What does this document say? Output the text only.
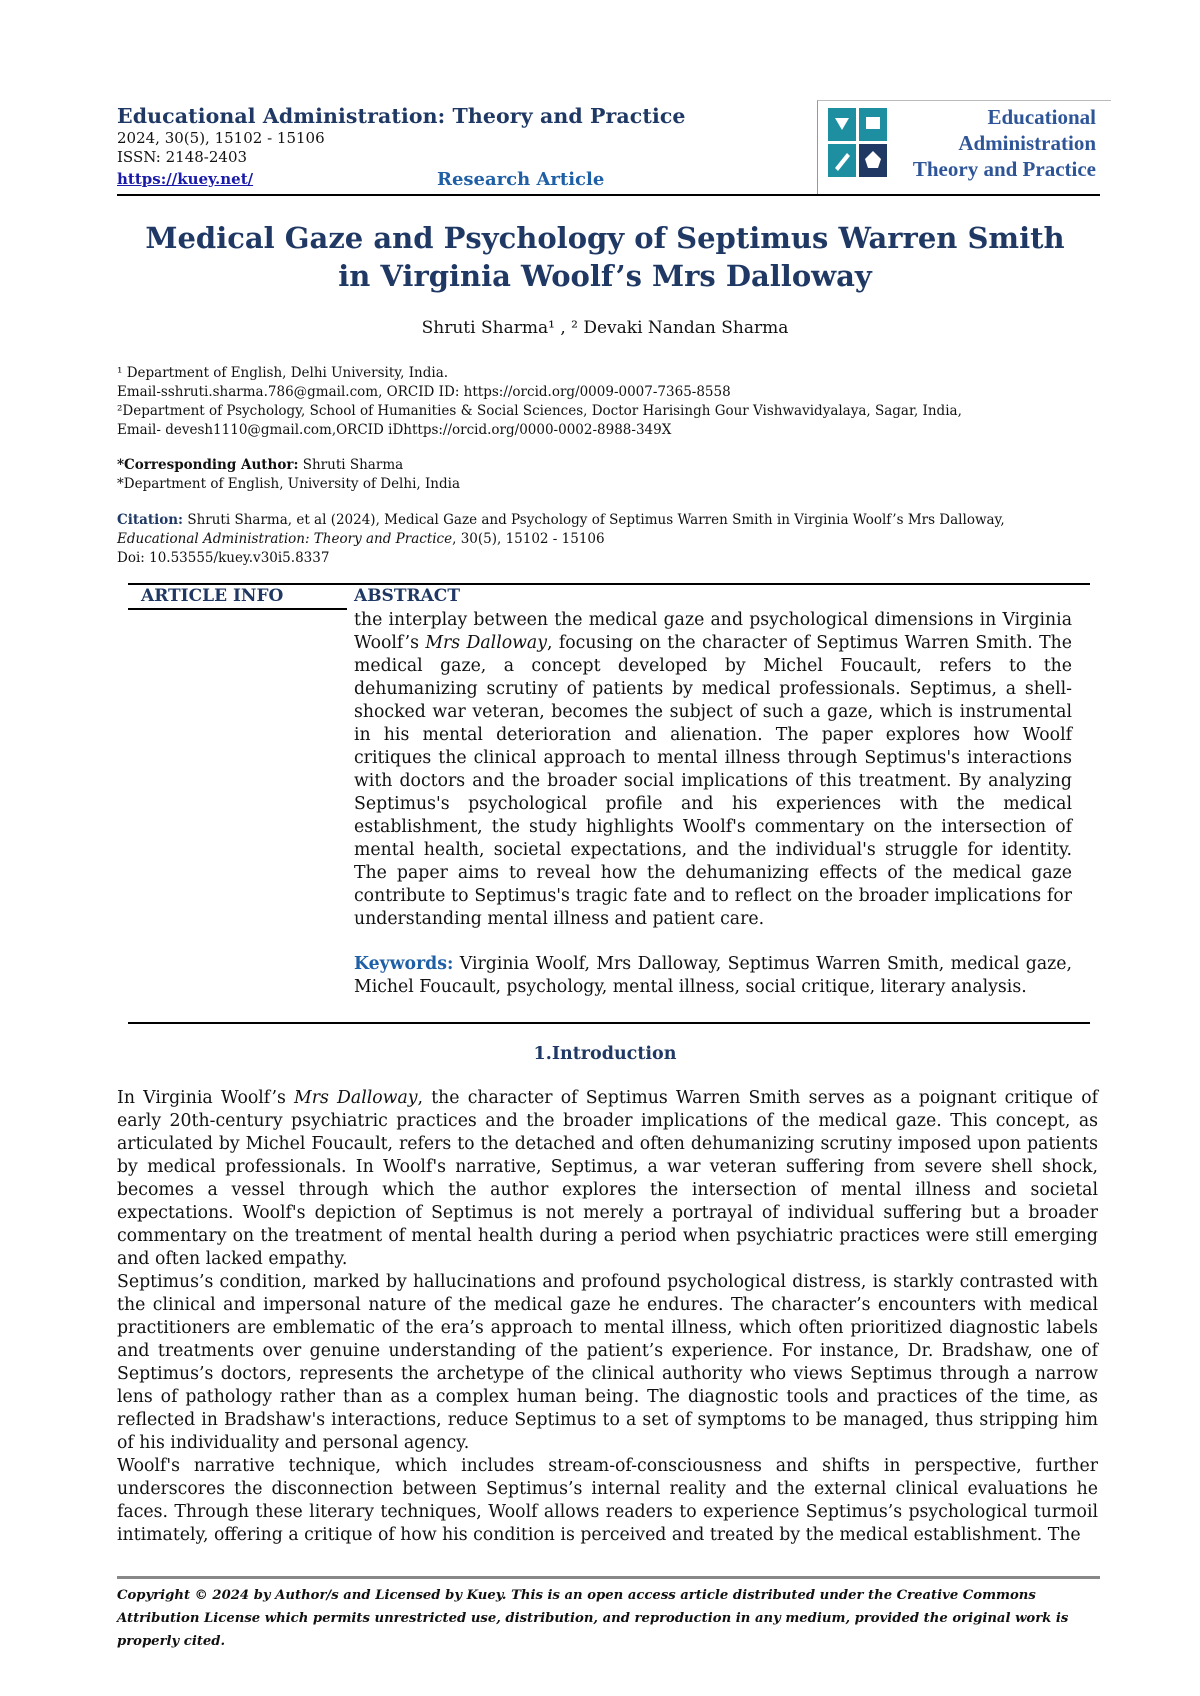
Educational Administration: Theory and Practice
2024, 30(5), 15102 - 15106
ISSN: 2148-2403
https://kuey.net/	Research Article
Educational
Administration
Theory and Practice
Medical Gaze and Psychology of Septimus Warren Smith
in Virginia Woolf’s Mrs Dalloway
Shruti Sharma¹ , ² Devaki Nandan Sharma
¹ Department of English, Delhi University, India.
Email-sshruti.sharma.786@gmail.com, ORCID ID: https://orcid.org/0009-0007-7365-8558
²Department of Psychology, School of Humanities & Social Sciences, Doctor Harisingh Gour Vishwavidyalaya, Sagar, India,
Email- devesh1110@gmail.com,ORCID iDhttps://orcid.org/0000-0002-8988-349X
*Corresponding Author: Shruti Sharma
*Department of English, University of Delhi, India
Citation: Shruti Sharma, et al (2024), Medical Gaze and Psychology of Septimus Warren Smith in Virginia Woolf’s Mrs Dalloway,
Educational Administration: Theory and Practice, 30(5), 15102 - 15106
Doi: 10.53555/kuey.v30i5.8337
ARTICLE INFO	ABSTRACT
the interplay between the medical gaze and psychological dimensions in Virginia Woolf’s Mrs Dalloway, focusing on the character of Septimus Warren Smith. The medical gaze, a concept developed by Michel Foucault, refers to the dehumanizing scrutiny of patients by medical professionals. Septimus, a shell-shocked war veteran, becomes the subject of such a gaze, which is instrumental in his mental deterioration and alienation. The paper explores how Woolf critiques the clinical approach to mental illness through Septimus's interactions with doctors and the broader social implications of this treatment. By analyzing Septimus's psychological profile and his experiences with the medical establishment, the study highlights Woolf's commentary on the intersection of mental health, societal expectations, and the individual's struggle for identity. The paper aims to reveal how the dehumanizing effects of the medical gaze contribute to Septimus's tragic fate and to reflect on the broader implications for understanding mental illness and patient care.
Keywords: Virginia Woolf, Mrs Dalloway, Septimus Warren Smith, medical gaze, Michel Foucault, psychology, mental illness, social critique, literary analysis.
1.Introduction

In Virginia Woolf’s Mrs Dalloway, the character of Septimus Warren Smith serves as a poignant critique of early 20th-century psychiatric practices and the broader implications of the medical gaze. This concept, as articulated by Michel Foucault, refers to the detached and often dehumanizing scrutiny imposed upon patients by medical professionals. In Woolf's narrative, Septimus, a war veteran suffering from severe shell shock, becomes a vessel through which the author explores the intersection of mental illness and societal expectations. Woolf's depiction of Septimus is not merely a portrayal of individual suffering but a broader commentary on the treatment of mental health during a period when psychiatric practices were still emerging and often lacked empathy.

Septimus’s condition, marked by hallucinations and profound psychological distress, is starkly contrasted with the clinical and impersonal nature of the medical gaze he endures. The character’s encounters with medical practitioners are emblematic of the era’s approach to mental illness, which often prioritized diagnostic labels and treatments over genuine understanding of the patient’s experience. For instance, Dr. Bradshaw, one of Septimus’s doctors, represents the archetype of the clinical authority who views Septimus through a narrow lens of pathology rather than as a complex human being. The diagnostic tools and practices of the time, as reflected in Bradshaw's interactions, reduce Septimus to a set of symptoms to be managed, thus stripping him of his individuality and personal agency.

Woolf's narrative technique, which includes stream-of-consciousness and shifts in perspective, further underscores the disconnection between Septimus’s internal reality and the external clinical evaluations he faces. Through these literary techniques, Woolf allows readers to experience Septimus’s psychological turmoil intimately, offering a critique of how his condition is perceived and treated by the medical establishment. The

Copyright © 2024 by Author/s and Licensed by Kuey. This is an open access article distributed under the Creative Commons Attribution License which permits unrestricted use, distribution, and reproduction in any medium, provided the original work is properly cited.
